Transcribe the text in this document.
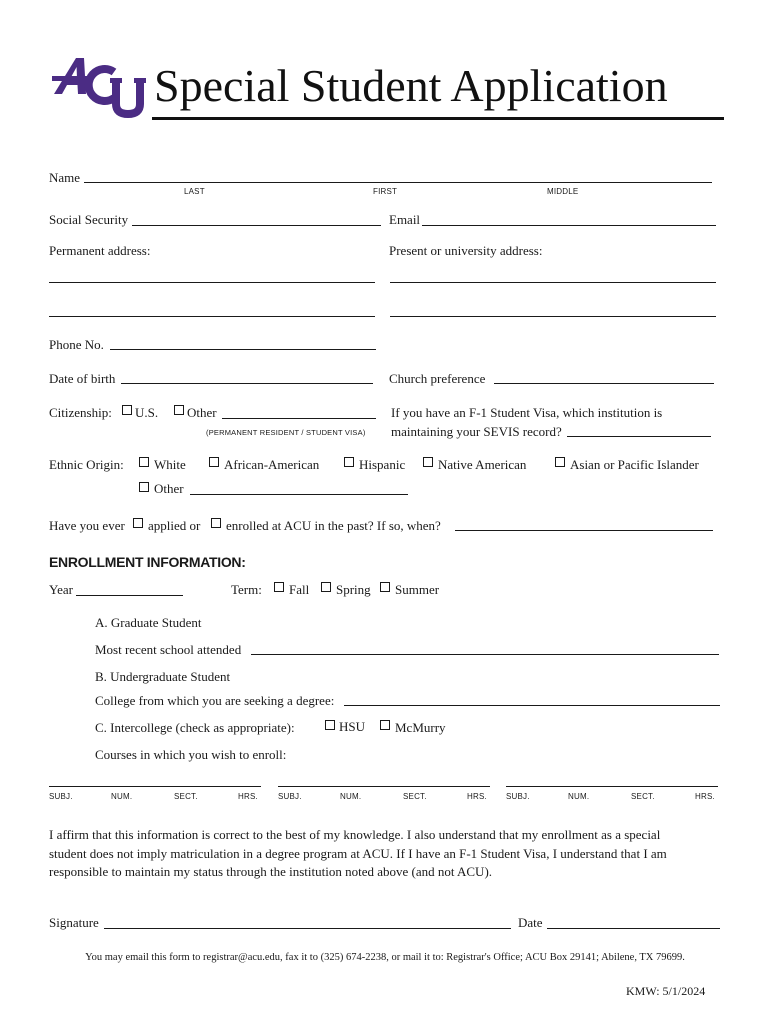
Special Student Application
Name
LAST	FIRST	MIDDLE
Social Security	Email
Permanent address:	Present or university address:
Phone No.
Date of birth	Church preference
Citizenship: U.S. Other
(PERMANENT RESIDENT / STUDENT VISA)
If you have an F-1 Student Visa, which institution is
maintaining your SEVIS record?
Ethnic Origin: White	African-American	Hispanic	Native American	Asian or Pacific Islander
Other
Have you ever applied or enrolled at ACU in the past? If so, when?
ENROLLMENT INFORMATION:
Year	Term: Fall Spring Summer
A. Graduate Student
Most recent school attended
B. Undergraduate Student
College from which you are seeking a degree:
C. Intercollege (check as appropriate):	HSU McMurry
Courses in which you wish to enroll:
SUBJ.	NUM.	SECT.	HRS.	SUBJ.	NUM.	SECT.	HRS. SUBJ.	NUM.	SECT.	HRS.
I affirm that this information is correct to the best of my knowledge. I also understand that my enrollment as a special
student does not imply matriculation in a degree program at ACU. If I have an F-1 Student Visa, I understand that I am
responsible to maintain my status through the institution noted above (and not ACU).
Signature	Date
You may email this form to registrar@acu.edu, fax it to (325) 674-2238, or mail it to: Registrar's Office; ACU Box 29141; Abilene, TX 79699.
KMW: 5/1/2024
